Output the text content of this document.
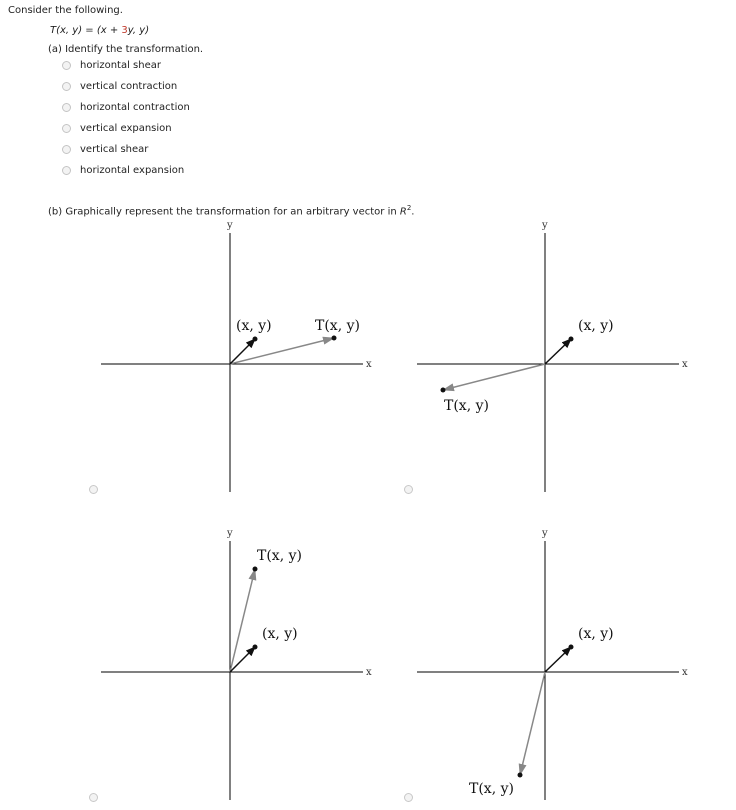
Consider the following.
T(x, y) = (x + 3y, y)
(a) Identify the transformation.
horizontal shear
vertical contraction
horizontal contraction
vertical expansion
vertical shear
horizontal expansion
(b) Graphically represent the transformation for an arbitrary vector in $R^2$.
x
y
(x, y)	T(x, y)
x
y
(x, y)
T(x, y)
x
y
(x, y)
T(x, y)
x
y
(x, y)
T(x, y)
